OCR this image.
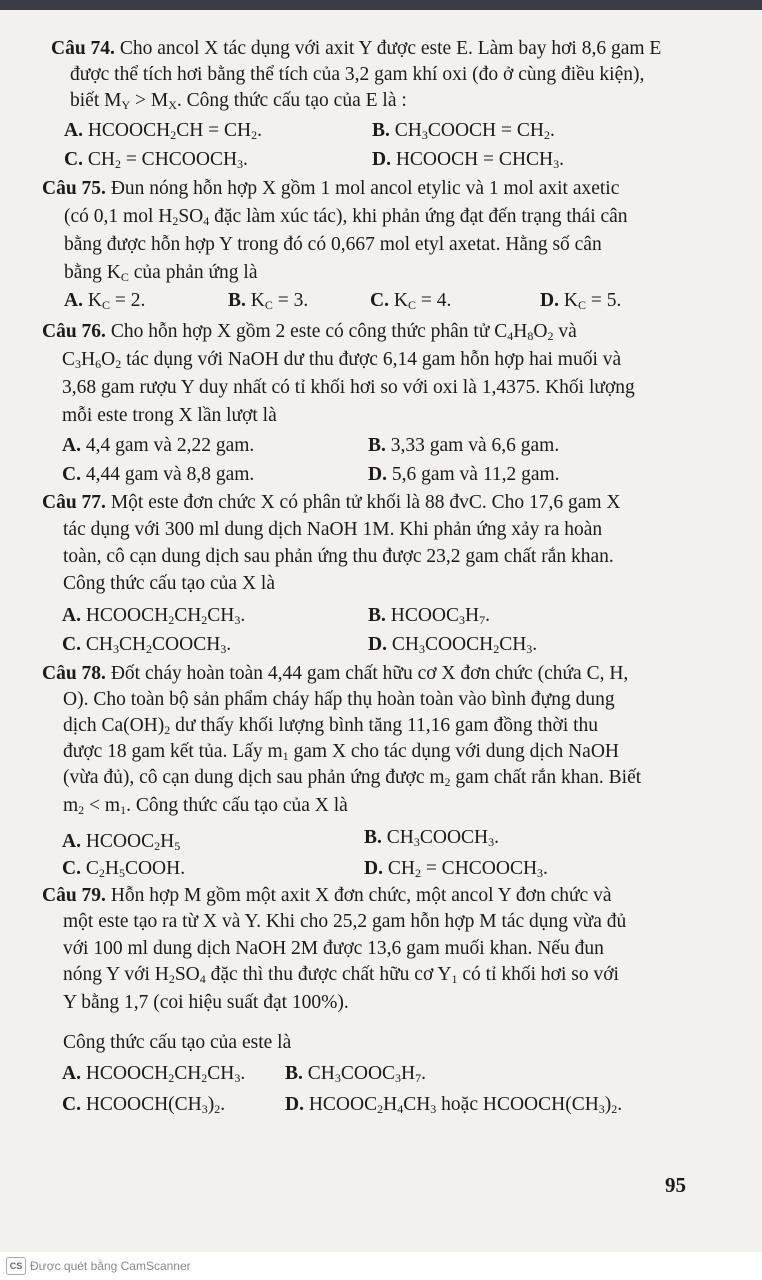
Câu 74. Cho ancol X tác dụng với axit Y được este E. Làm bay hơi 8,6 gam E
được thể tích hơi bằng thể tích của 3,2 gam khí oxi (đo ở cùng điều kiện),
biết $M_Y > M_X$. Công thức cấu tạo của E là :
A. $HCOOCH_2CH = CH_2$.	B. $CH_3COOCH = CH_2$.
C. $CH_2$ = $CHCOOCH_3$.	D. HCOOCH = $CHCH_3$.
Câu 75. Đun nóng hỗn hợp X gồm 1 mol ancol etylic và 1 mol axit axetic
(có 0,1 mol $H_2SO_4$ đặc làm xúc tác), khi phản ứng đạt đến trạng thái cân
bằng được hỗn hợp Y trong đó có 0,667 mol etyl axetat. Hằng số cân
bằng $K_C$ của phản ứng là
A. $K_C = 2$.	B. $K_C = 3$.	C. $K_C = 4$.	D. $K_C = 5$.
Câu 76. Cho hỗn hợp X gồm 2 este có công thức phân tử $C_4H_8O_2$ và
$C_3H_6O_2$ tác dụng với NaOH dư thu được 6,14 gam hỗn hợp hai muối và
3,68 gam rượu Y duy nhất có tỉ khối hơi so với oxi là 1,4375. Khối lượng
mỗi este trong X lần lượt là
A. 4,4 gam và 2,22 gam.	B. 3,33 gam và 6,6 gam.
C. 4,44 gam và 8,8 gam.	D. 5,6 gam và 11,2 gam.
Câu 77. Một este đơn chức X có phân tử khối là 88 đvC. Cho 17,6 gam X
tác dụng với 300 ml dung dịch NaOH 1M. Khi phản ứng xảy ra hoàn
toàn, cô cạn dung dịch sau phản ứng thu được 23,2 gam chất rắn khan.
Công thức cấu tạo của X là
A. $HCOOCH_2CH_2CH_3$.	B. $HCOOC_3H_7$.
C. $CH_3CH_2COOCH_3$.	D. $CH_3COOCH_2CH_3$.
Câu 78. Đốt cháy hoàn toàn 4,44 gam chất hữu cơ X đơn chức (chứa C, H,
O). Cho toàn bộ sản phẩm cháy hấp thụ hoàn toàn vào bình đựng dung
dịch $Ca(OH)_2$ dư thấy khối lượng bình tăng 11,16 gam đồng thời thu
được 18 gam kết tủa. Lấy $m_1$ gam X cho tác dụng với dung dịch NaOH
(vừa đủ), cô cạn dung dịch sau phản ứng được $m_2$ gam chất rắn khan. Biết
$m_2 < m_1$. Công thức cấu tạo của X là
A. $HCOOC_2H_5$	B. $CH_3COOCH_3$.
C. $C_2H_5COOH$.	D. $CH_2$ = $CHCOOCH_3$.
Câu 79. Hỗn hợp M gồm một axit X đơn chức, một ancol Y đơn chức và
một este tạo ra từ X và Y. Khi cho 25,2 gam hỗn hợp M tác dụng vừa đủ
với 100 ml dung dịch NaOH 2M được 13,6 gam muối khan. Nếu đun
nóng Y với $H_2SO_4$ đặc thì thu được chất hữu cơ $Y_1$ có tỉ khối hơi so với
Y bằng 1,7 (coi hiệu suất đạt 100%).
Công thức cấu tạo của este là
A. $HCOOCH_2CH_2CH_3$. B. $CH_3COOC_3H_7$.
C. $HCOOCH(CH_3)_2$.	D. $HCOOC_2H_4CH_3$ hoặc $HCOOCH(CH_3)_2$.
95
CS Được quét bằng CamScanner
